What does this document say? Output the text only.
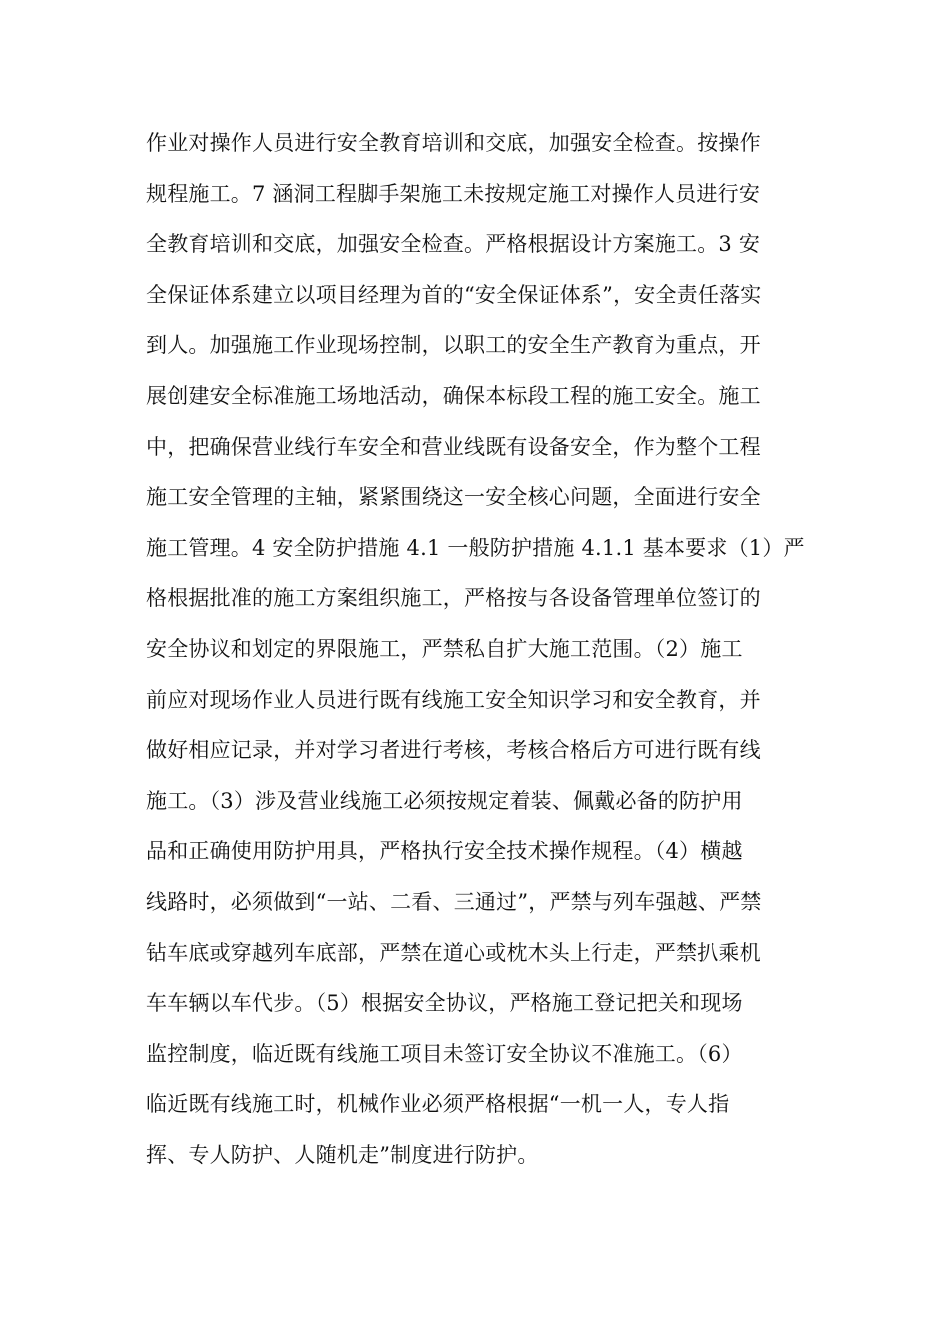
作业对操作人员进行安全教育培训和交底，加强安全检查。按操作
规程施工。7 涵洞工程脚手架施工未按规定施工对操作人员进行安
全教育培训和交底，加强安全检查。严格根据设计方案施工。3 安
全保证体系建立以项目经理为首的“安全保证体系”，安全责任落实
到人。加强施工作业现场控制，以职工的安全生产教育为重点，开
展创建安全标准施工场地活动，确保本标段工程的施工安全。施工
中，把确保营业线行车安全和营业线既有设备安全，作为整个工程
施工安全管理的主轴，紧紧围绕这一安全核心问题，全面进行安全
施工管理。4 安全防护措施 4.1 一般防护措施 4.1.1 基本要求（1）严
格根据批准的施工方案组织施工，严格按与各设备管理单位签订的
安全协议和划定的界限施工，严禁私自扩大施工范围。（2）施工
前应对现场作业人员进行既有线施工安全知识学习和安全教育，并
做好相应记录，并对学习者进行考核，考核合格后方可进行既有线
施工。（3）涉及营业线施工必须按规定着装、佩戴必备的防护用
品和正确使用防护用具，严格执行安全技术操作规程。（4）横越
线路时，必须做到“一站、二看、三通过”，严禁与列车强越、严禁
钻车底或穿越列车底部，严禁在道心或枕木头上行走，严禁扒乘机
车车辆以车代步。（5）根据安全协议，严格施工登记把关和现场
监控制度，临近既有线施工项目未签订安全协议不准施工。（6）
临近既有线施工时，机械作业必须严格根据“一机一人，专人指
挥、专人防护、人随机走”制度进行防护。
